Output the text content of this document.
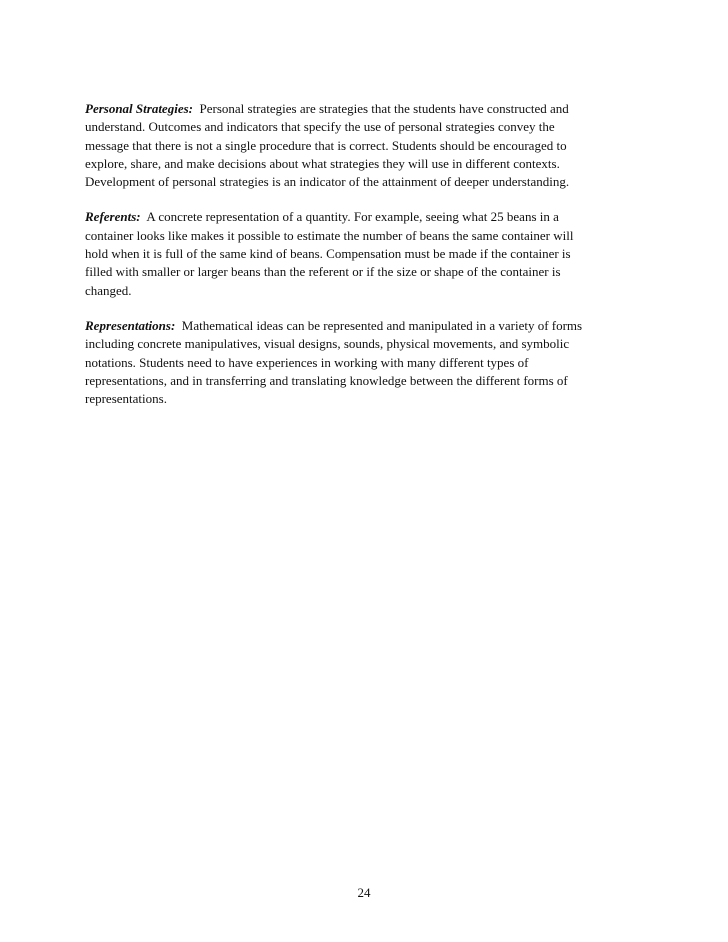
Personal Strategies: Personal strategies are strategies that the students have constructed and
understand. Outcomes and indicators that specify the use of personal strategies convey the
message that there is not a single procedure that is correct. Students should be encouraged to
explore, share, and make decisions about what strategies they will use in different contexts.
Development of personal strategies is an indicator of the attainment of deeper understanding.

Referents: A concrete representation of a quantity. For example, seeing what 25 beans in a
container looks like makes it possible to estimate the number of beans the same container will
hold when it is full of the same kind of beans. Compensation must be made if the container is
filled with smaller or larger beans than the referent or if the size or shape of the container is
changed.

Representations: Mathematical ideas can be represented and manipulated in a variety of forms
including concrete manipulatives, visual designs, sounds, physical movements, and symbolic
notations. Students need to have experiences in working with many different types of
representations, and in transferring and translating knowledge between the different forms of
representations.

24
